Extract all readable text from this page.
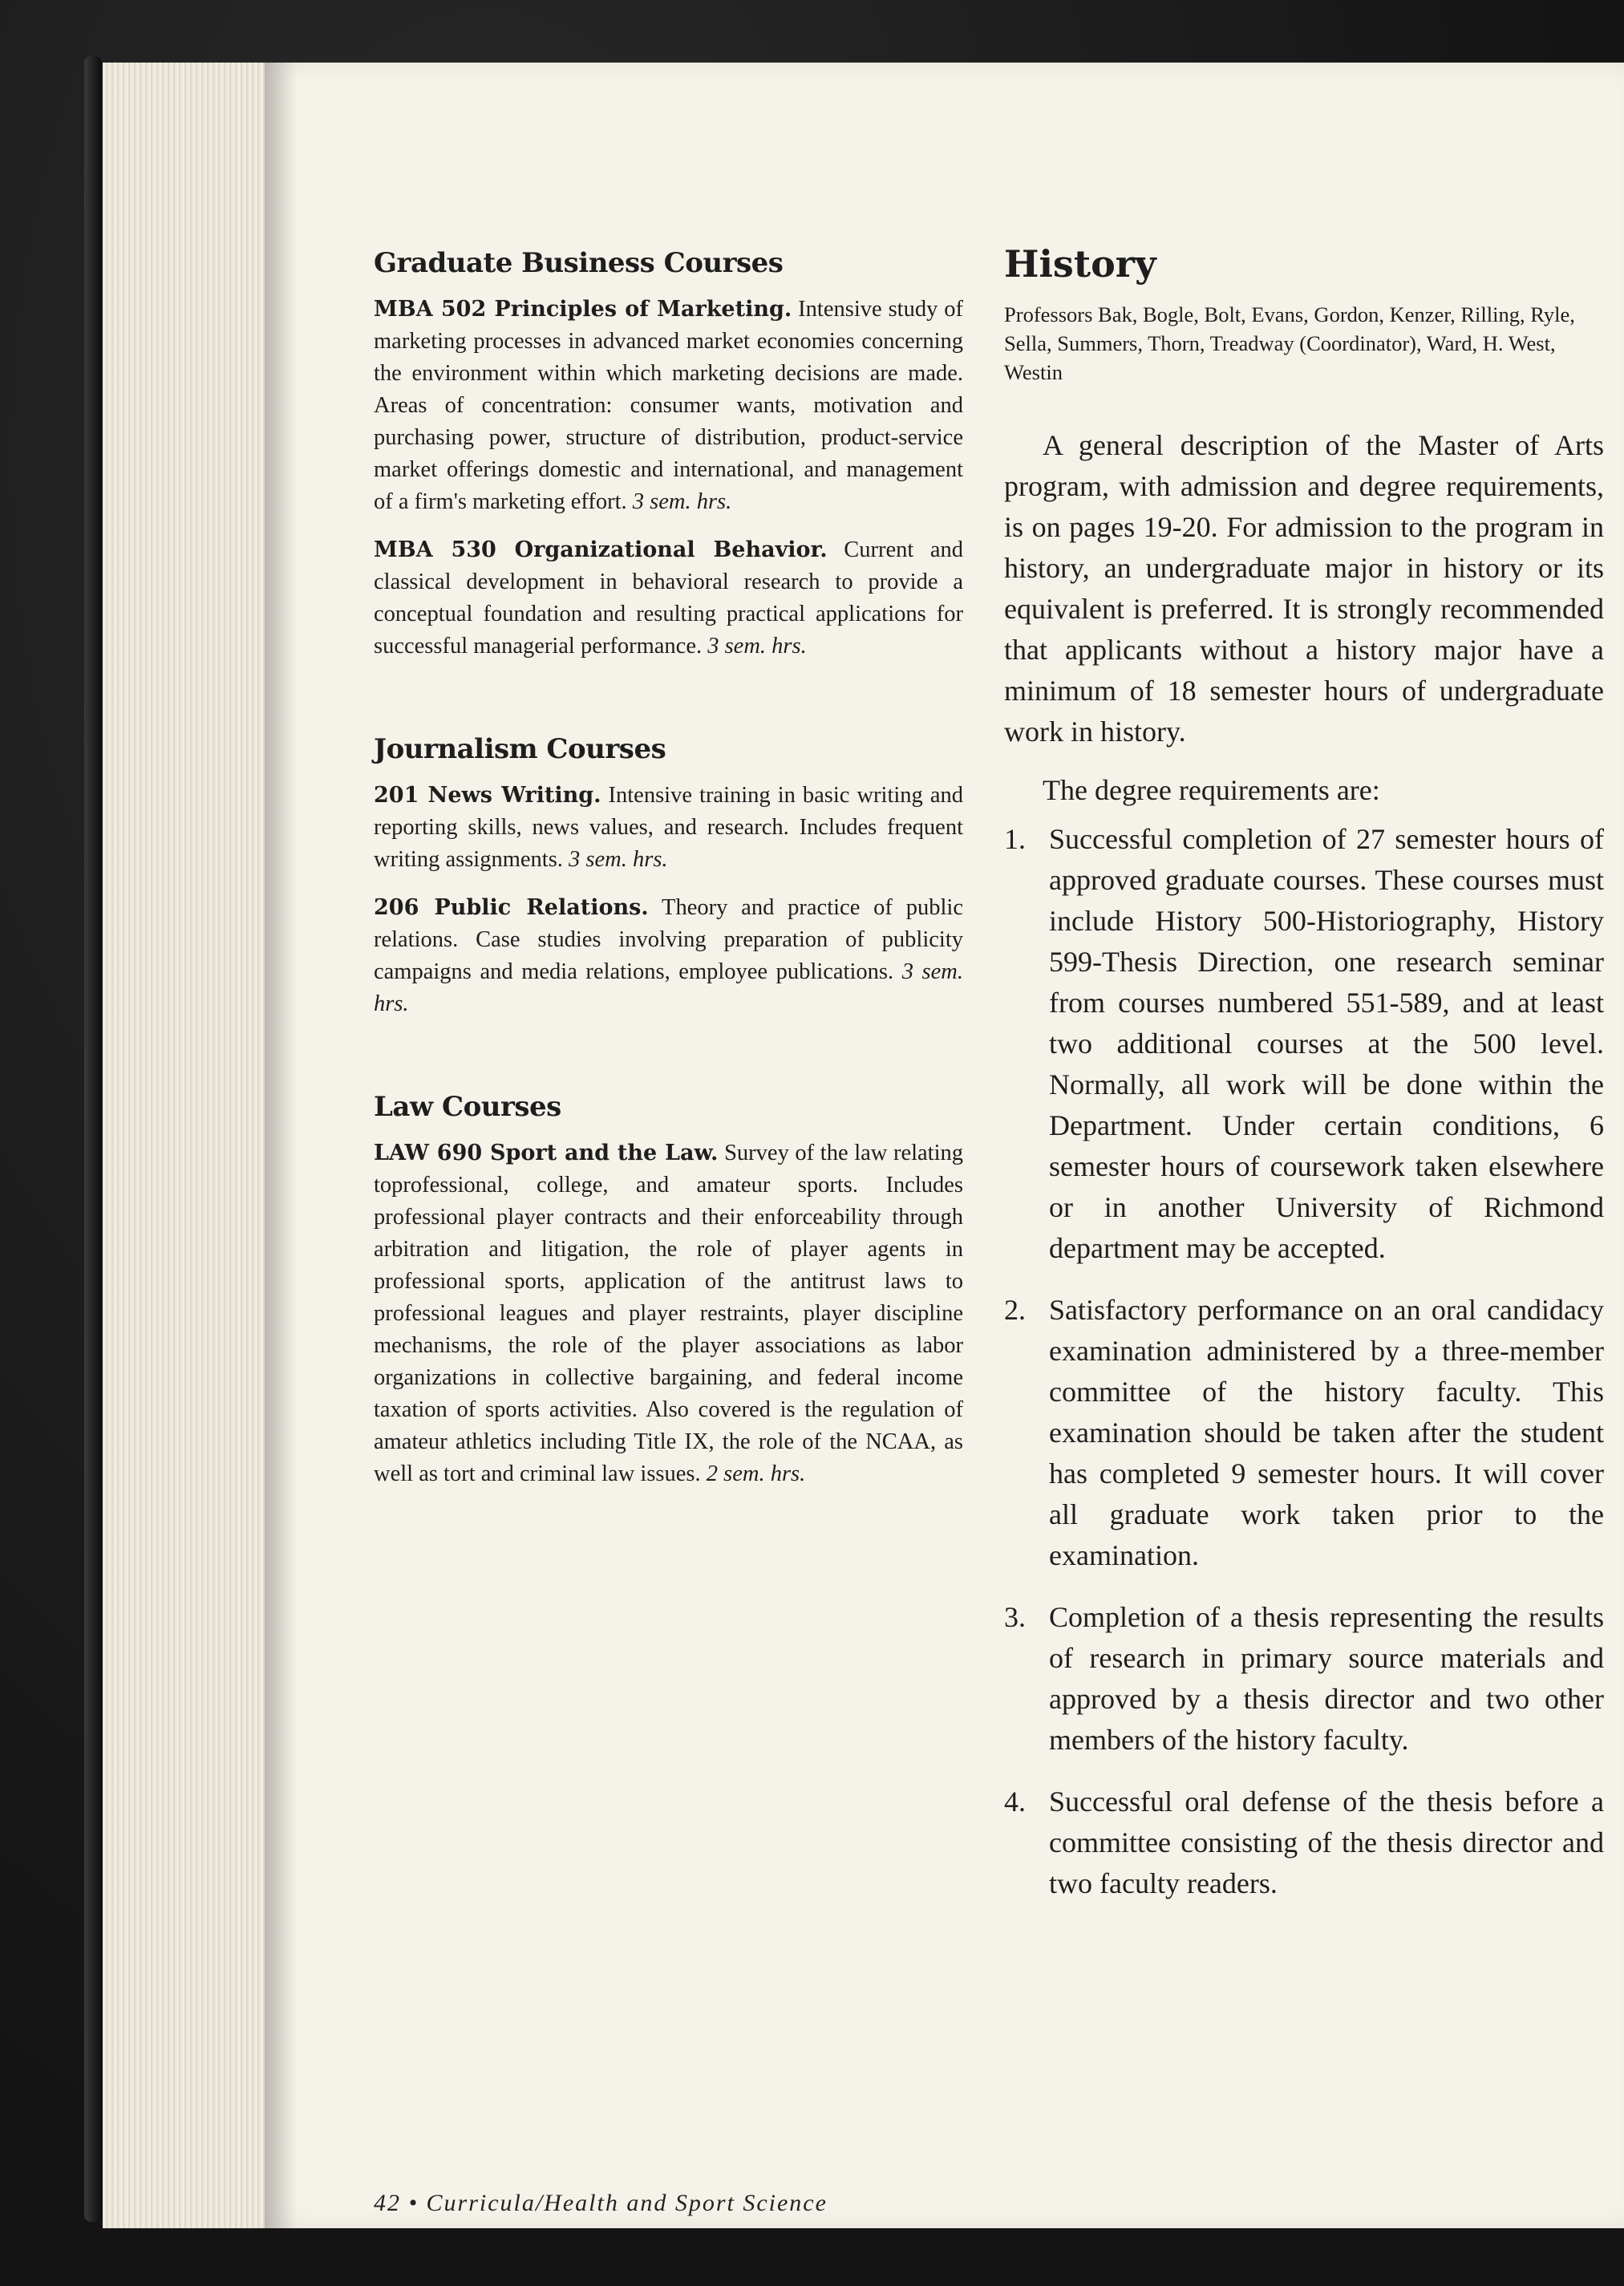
Graduate Business Courses

MBA 502 Principles of Marketing. Intensive study of marketing processes in advanced market economies concerning the environment within which marketing decisions are made. Areas of concentration: consumer wants, motivation and purchasing power, structure of distribution, product-service market offerings domestic and international, and management of a firm's marketing effort. 3 sem. hrs.

MBA 530 Organizational Behavior. Current and classical development in behavioral research to provide a conceptual foundation and resulting practical applications for successful managerial performance. 3 sem. hrs.

Journalism Courses

201 News Writing. Intensive training in basic writing and reporting skills, news values, and research. Includes frequent writing assignments. 3 sem. hrs.

206 Public Relations. Theory and practice of public relations. Case studies involving preparation of publicity campaigns and media relations, employee publications. 3 sem. hrs.

Law Courses

LAW 690 Sport and the Law. Survey of the law relating toprofessional, college, and amateur sports. Includes professional player contracts and their enforceability through arbitration and litigation, the role of player agents in professional sports, application of the antitrust laws to professional leagues and player restraints, player discipline mechanisms, the role of the player associations as labor organizations in collective bargaining, and federal income taxation of sports activities. Also covered is the regulation of amateur athletics including Title IX, the role of the NCAA, as well as tort and criminal law issues. 2 sem. hrs.

History
Professors Bak, Bogle, Bolt, Evans, Gordon, Kenzer, Rilling, Ryle, Sella, Summers, Thorn, Treadway (Coordinator), Ward, H. West, Westin

A general description of the Master of Arts program, with admission and degree requirements, is on pages 19-20. For admission to the program in history, an undergraduate major in history or its equivalent is preferred. It is strongly recommended that applicants without a history major have a minimum of 18 semester hours of undergraduate work in history.

The degree requirements are:
1. Successful completion of 27 semester hours of approved graduate courses. These courses must include History 500-Historiography, History 599-Thesis Direction, one research seminar from courses numbered 551-589, and at least two additional courses at the 500 level. Normally, all work will be done within the Department. Under certain conditions, 6 semester hours of coursework taken elsewhere or in another University of Richmond department may be accepted.
2. Satisfactory performance on an oral candidacy examination administered by a three-member committee of the history faculty. This examination should be taken after the student has completed 9 semester hours. It will cover all graduate work taken prior to the examination.
3. Completion of a thesis representing the results of research in primary source materials and approved by a thesis director and two other members of the history faculty.
4. Successful oral defense of the thesis before a committee consisting of the thesis director and two faculty readers.
42 • Curricula/Health and Sport Science
